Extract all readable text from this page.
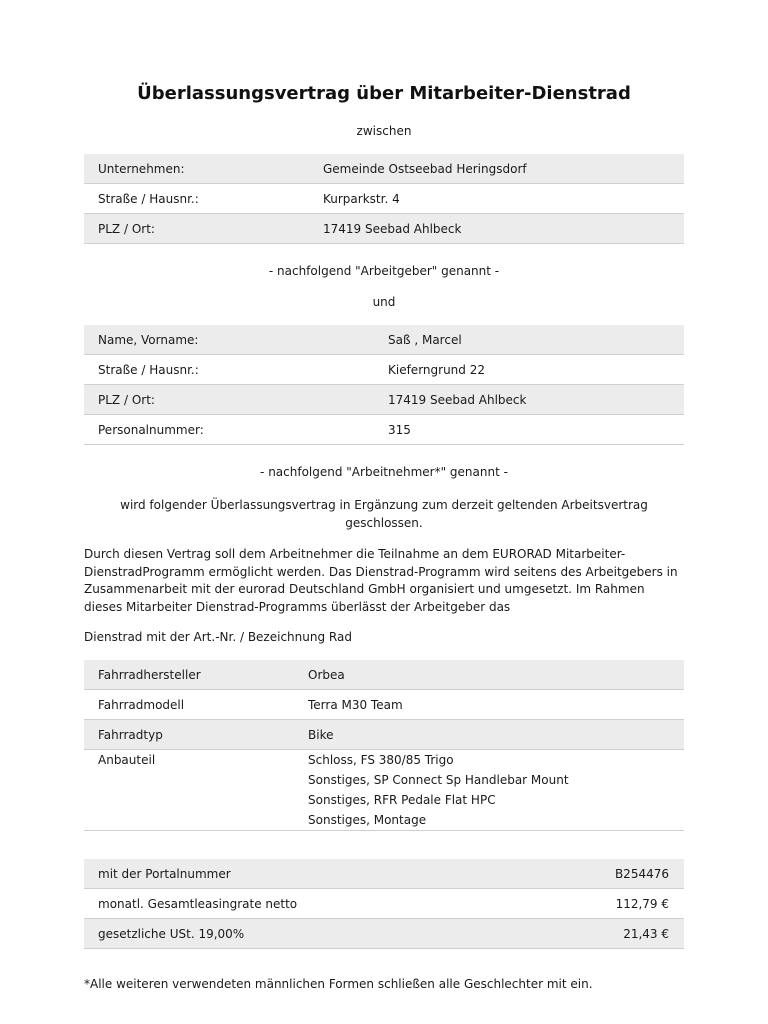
Überlassungsvertrag über Mitarbeiter-Dienstrad
zwischen
Unternehmen:	Gemeinde Ostseebad Heringsdorf
Straße / Hausnr.:	Kurparkstr. 4
PLZ / Ort:	17419 Seebad Ahlbeck
- nachfolgend "Arbeitgeber" genannt -
und
Name, Vorname:	Saß , Marcel
Straße / Hausnr.:	Kieferngrund 22
PLZ / Ort:	17419 Seebad Ahlbeck
Personalnummer:	315
- nachfolgend "Arbeitnehmer*" genannt -
wird folgender Überlassungsvertrag in Ergänzung zum derzeit geltenden Arbeitsvertrag geschlossen.
Durch diesen Vertrag soll dem Arbeitnehmer die Teilnahme an dem EURORAD Mitarbeiter-DienstradProgramm ermöglicht werden. Das Dienstrad-Programm wird seitens des Arbeitgebers in Zusammenarbeit mit der eurorad Deutschland GmbH organisiert und umgesetzt. Im Rahmen dieses Mitarbeiter Dienstrad-Programms überlässt der Arbeitgeber das
Dienstrad mit der Art.-Nr. / Bezeichnung Rad
Fahrradhersteller	Orbea
Fahrradmodell	Terra M30 Team
Fahrradtyp	Bike

Anbauteil	Schloss, FS 380/85 Trigo
Sonstiges, SP Connect Sp Handlebar Mount
Sonstiges, RFR Pedale Flat HPC
Sonstiges, Montage
mit der Portalnummer	B254476
monatl. Gesamtleasingrate netto	112,79 €
gesetzliche USt. 19,00%	21,43 €
*Alle weiteren verwendeten männlichen Formen schließen alle Geschlechter mit ein.
